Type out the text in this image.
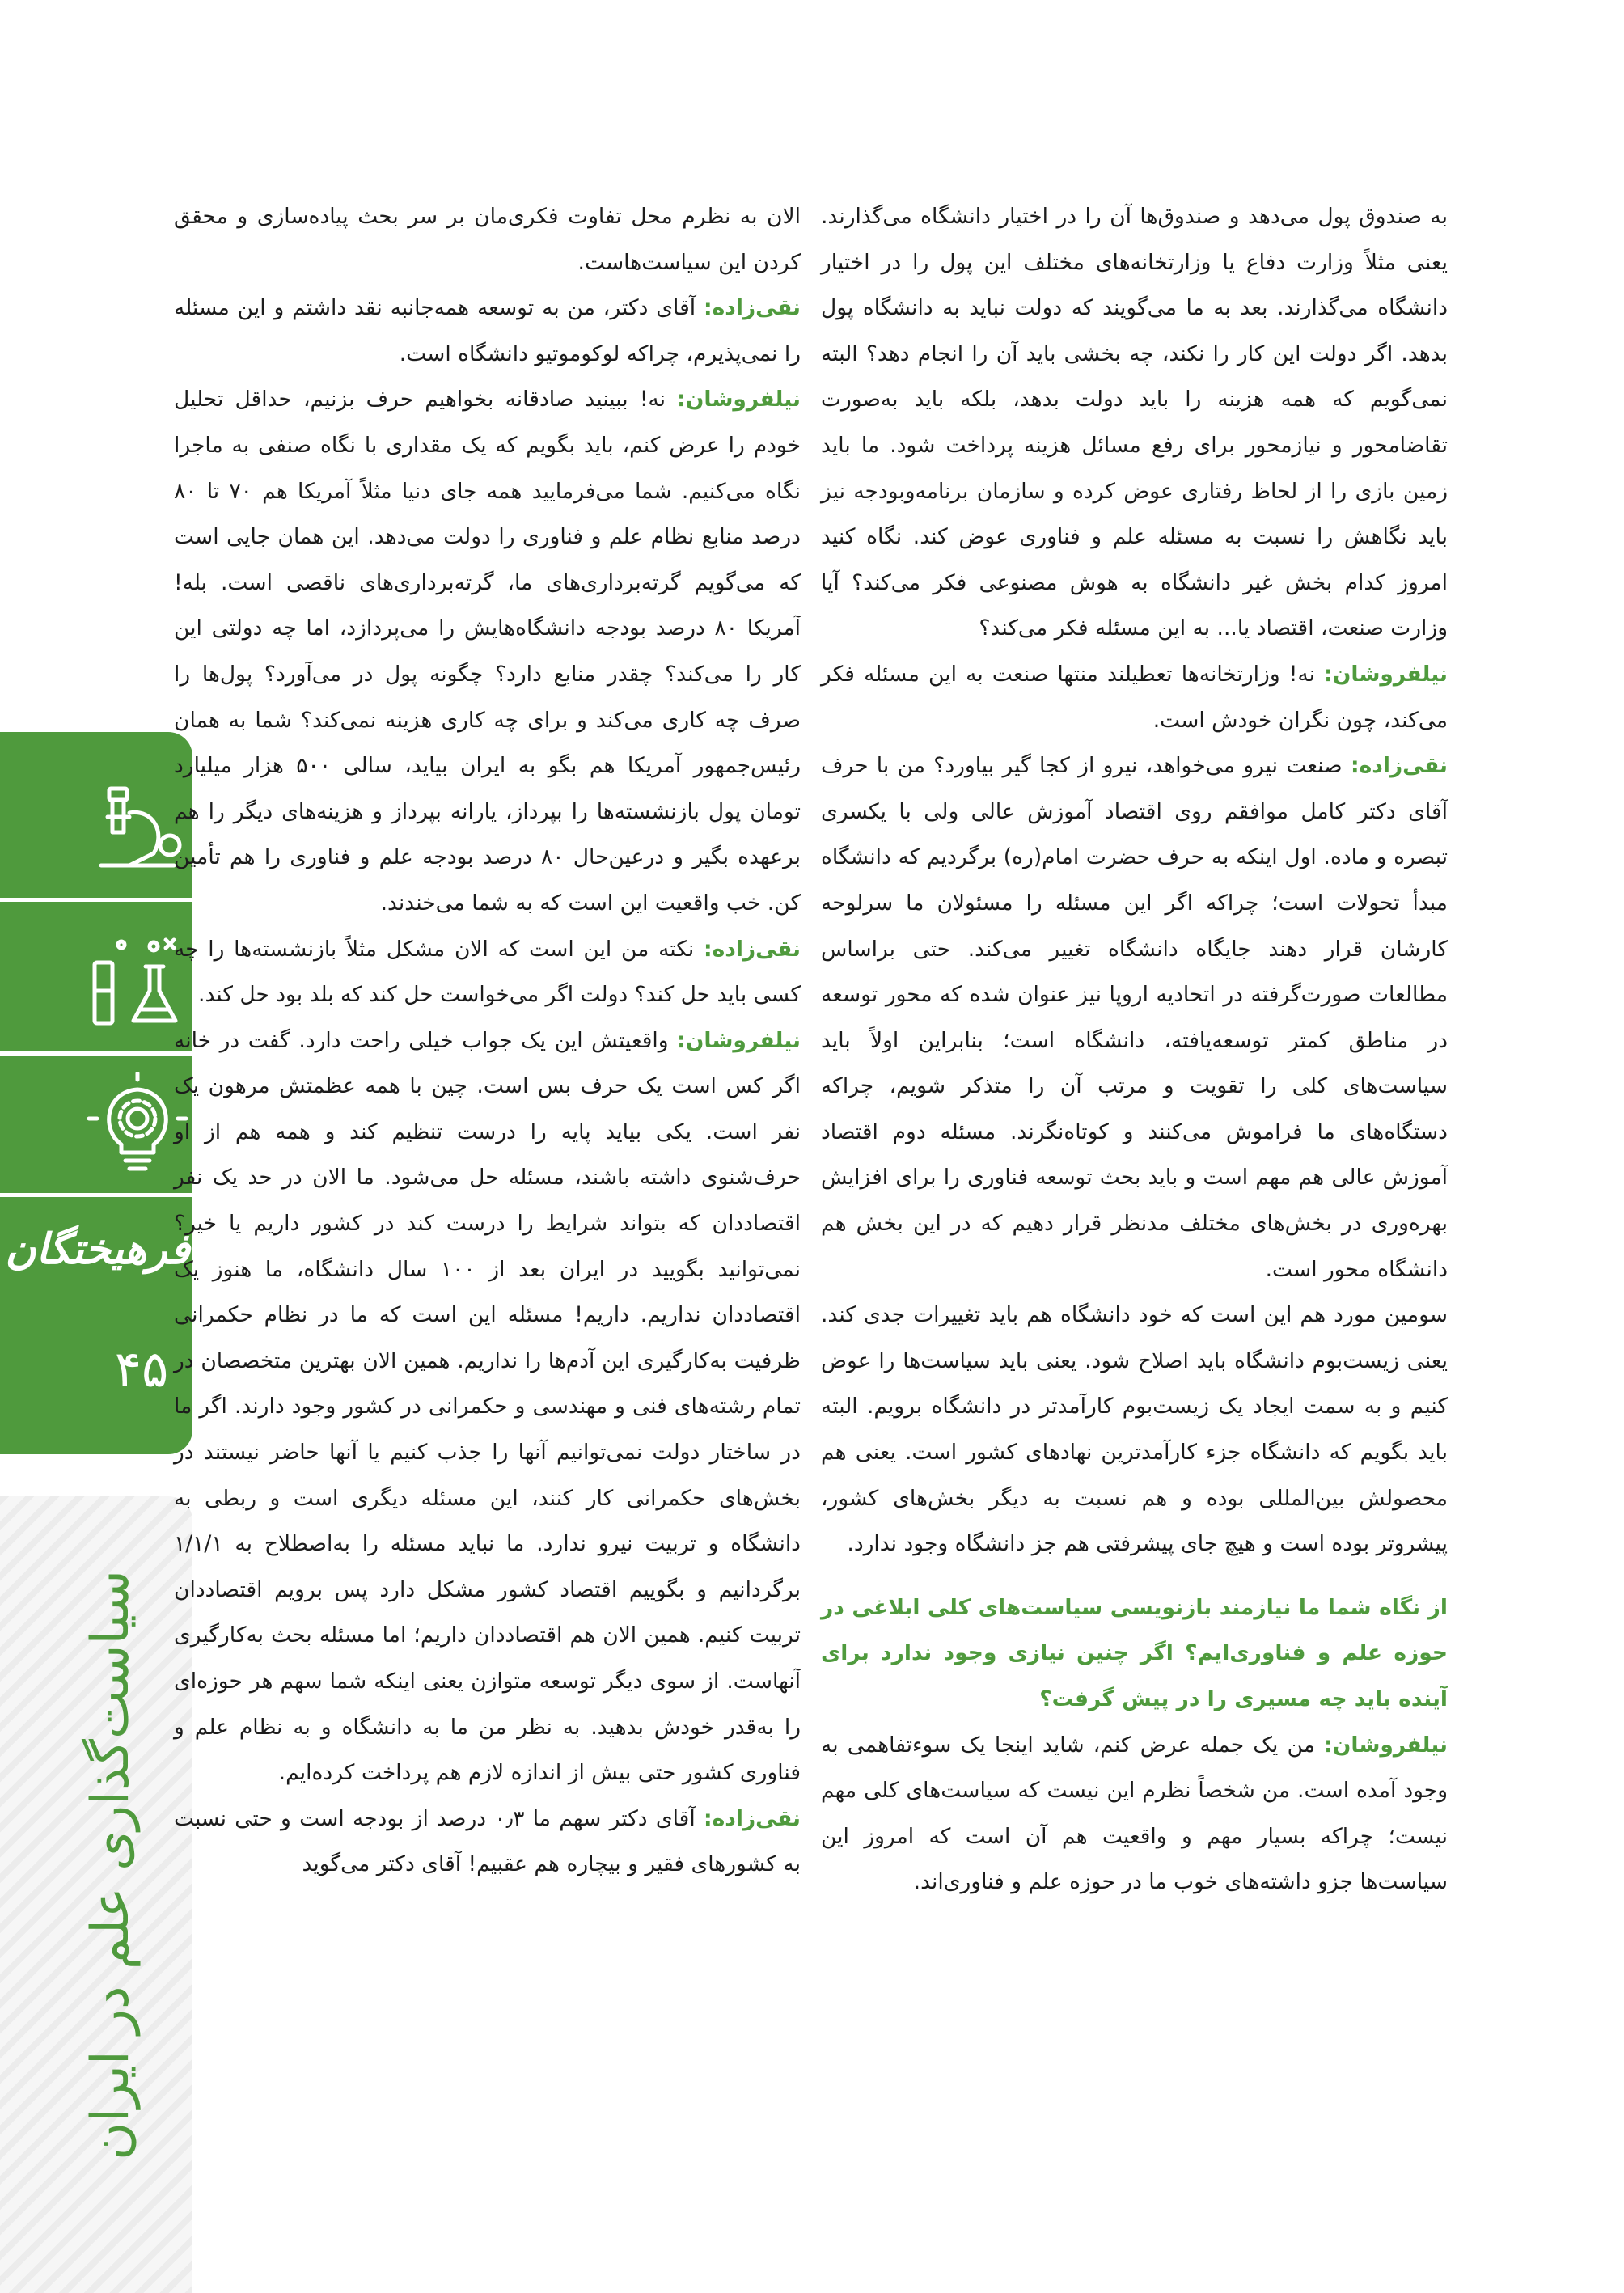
فرهیختگان
۴۵
سیاست‌گذاری علم در ایران

به صندوق پول می‌دهد و صندوق‌ها آن را در اختیار دانشگاه می‌گذارند. یعنی مثلاً وزارت دفاع یا وزارتخانه‌های مختلف این پول را در اختیار دانشگاه می‌گذارند. بعد به ما می‌گویند که دولت نباید به دانشگاه پول بدهد. اگر دولت این کار را نکند، چه بخشی باید آن را انجام دهد؟ البته نمی‌گویم که همه هزینه را باید دولت بدهد، بلکه باید به‌صورت تقاضامحور و نیازمحور برای رفع مسائل هزینه پرداخت شود. ما باید زمین بازی را از لحاظ رفتاری عوض کرده و سازمان برنامه‌وبودجه نیز باید نگاهش را نسبت به مسئله علم و فناوری عوض کند. نگاه کنید امروز کدام بخش غیر دانشگاه به هوش مصنوعی فکر می‌کند؟ آیا وزارت صنعت، اقتصاد یا... به این مسئله فکر می‌کند؟

نیلفروشان: نه! وزارتخانه‌ها تعطیلند منتها صنعت به این مسئله فکر می‌کند، چون نگران خودش است.

نقی‌زاده: صنعت نیرو می‌خواهد، نیرو از کجا گیر بیاورد؟ من با حرف آقای دکتر کامل موافقم روی اقتصاد آموزش عالی ولی با یکسری تبصره و ماده. اول اینکه به حرف حضرت امام(ره) برگردیم که دانشگاه مبدأ تحولات است؛ چراکه اگر این مسئله را مسئولان ما سرلوحه کارشان قرار دهند جایگاه دانشگاه تغییر می‌کند. حتی براساس مطالعات صورت‌گرفته در اتحادیه اروپا نیز عنوان شده که محور توسعه در مناطق کمتر توسعه‌یافته، دانشگاه است؛ بنابراین اولاً باید سیاست‌های کلی را تقویت و مرتب آن را متذکر شویم، چراکه دستگاه‌های ما فراموش می‌کنند و کوتاه‌نگرند. مسئله دوم اقتصاد آموزش عالی هم مهم است و باید بحث توسعه فناوری را برای افزایش بهره‌وری در بخش‌های مختلف مدنظر قرار دهیم که در این بخش هم دانشگاه محور است.

سومین مورد هم این است که خود دانشگاه هم باید تغییرات جدی کند. یعنی زیست‌بوم دانشگاه باید اصلاح شود. یعنی باید سیاست‌ها را عوض کنیم و به سمت ایجاد یک زیست‌بوم کارآمدتر در دانشگاه برویم. البته باید بگویم که دانشگاه جزء کارآمدترین نهادهای کشور است. یعنی هم محصولش بین‌المللی بوده و هم نسبت به دیگر بخش‌های کشور، پیشروتر بوده است و هیچ جای پیشرفتی هم جز دانشگاه وجود ندارد.

از نگاه شما ما نیازمند بازنویسی سیاست‌های کلی ابلاغی در حوزه علم و فناوری‌ایم؟ اگر چنین نیازی وجود ندارد برای آینده باید چه مسیری را در پیش گرفت؟

نیلفروشان: من یک جمله عرض کنم، شاید اینجا یک سوءتفاهمی به وجود آمده است. من شخصاً نظرم این نیست که سیاست‌های کلی مهم نیست؛ چراکه بسیار مهم و واقعیت هم آن است که امروز این سیاست‌ها جزو داشته‌های خوب ما در حوزه علم و فناوری‌اند.

الان به نظرم محل تفاوت فکری‌مان بر سر بحث پیاده‌سازی و محقق کردن این سیاست‌هاست.

نقی‌زاده: آقای دکتر، من به توسعه همه‌جانبه نقد داشتم و این مسئله را نمی‌پذیرم، چراکه لوکوموتیو دانشگاه است.

نیلفروشان: نه! ببینید صادقانه بخواهیم حرف بزنیم، حداقل تحلیل خودم را عرض کنم، باید بگویم که یک مقداری با نگاه صنفی به ماجرا نگاه می‌کنیم. شما می‌فرمایید همه جای دنیا مثلاً آمریکا هم ۷۰ تا ۸۰ درصد منابع نظام علم و فناوری را دولت می‌دهد. این همان جایی است که می‌گویم گرته‌برداری‌های ما، گرته‌برداری‌های ناقصی است. بله! آمریکا ۸۰ درصد بودجه دانشگاه‌هایش را می‌پردازد، اما چه دولتی این کار را می‌کند؟ چقدر منابع دارد؟ چگونه پول در می‌آورد؟ پول‌ها را صرف چه کاری می‌کند و برای چه کاری هزینه نمی‌کند؟ شما به همان رئیس‌جمهور آمریکا هم بگو به ایران بیاید، سالی ۵۰۰ هزار میلیارد تومان پول بازنشسته‌ها را بپرداز، یارانه بپرداز و هزینه‌های دیگر را هم برعهده بگیر و درعین‌حال ۸۰ درصد بودجه علم و فناوری را هم تأمین کن. خب واقعیت این است که به شما می‌خندند.

نقی‌زاده: نکته من این است که الان مشکل مثلاً بازنشسته‌ها را چه کسی باید حل کند؟ دولت اگر می‌خواست حل کند که بلد بود حل کند.

نیلفروشان: واقعیتش این یک جواب خیلی راحت دارد. گفت در خانه اگر کس است یک حرف بس است. چین با همه عظمتش مرهون یک نفر است. یکی بیاید پایه را درست تنظیم کند و همه هم از او حرف‌شنوی داشته باشند، مسئله حل می‌شود. ما الان در حد یک نفر اقتصاددان که بتواند شرایط را درست کند در کشور داریم یا خیر؟ نمی‌توانید بگویید در ایران بعد از ۱۰۰ سال دانشگاه، ما هنوز یک اقتصاددان نداریم. داریم! مسئله این است که ما در نظام حکمرانی ظرفیت به‌کارگیری این آدم‌ها را نداریم. همین الان بهترین متخصصان در تمام رشته‌های فنی و مهندسی و حکمرانی در کشور وجود دارند. اگر ما در ساختار دولت نمی‌توانیم آنها را جذب کنیم یا آنها حاضر نیستند در بخش‌های حکمرانی کار کنند، این مسئله دیگری است و ربطی به دانشگاه و تربیت نیرو ندارد. ما نباید مسئله را به‌اصطلاح به ۱/۱/۱ برگردانیم و بگوییم اقتصاد کشور مشکل دارد پس برویم اقتصاددان تربیت کنیم. همین الان هم اقتصاددان داریم؛ اما مسئله بحث به‌کارگیری آنهاست. از سوی دیگر توسعه متوازن یعنی اینکه شما سهم هر حوزه‌ای را به‌قدر خودش بدهید. به نظر من ما به دانشگاه و به نظام علم و فناوری کشور حتی بیش از اندازه لازم هم پرداخت کرده‌ایم.

نقی‌زاده: آقای دکتر سهم ما ۰٫۳ درصد از بودجه است و حتی نسبت به کشورهای فقیر و بیچاره هم عقبیم! آقای دکتر می‌گوید
